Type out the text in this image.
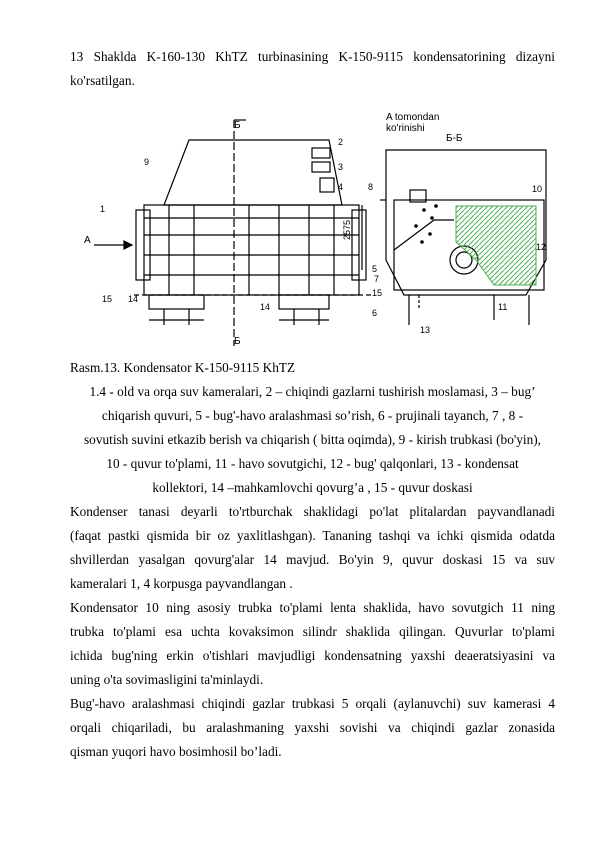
13 Shaklda K-160-130 KhTZ turbinasining K-150-9115 kondensatorining dizayni
ko'rsatilgan.
A tomondan
ko'rinishi
Б-Б
Б
Б
A
2575
1
2
3
4
5
6
7
8
9
10
11
12
13
14
14
15
15
Rasm.13. Kondensator K-150-9115 KhTZ
1.4 - old va orqa suv kameralari, 2 – chiqindi gazlarni tushirish moslamasi, 3 – bug’
chiqarish quvuri, 5 - bug'-havo aralashmasi so’rish, 6 - prujinali tayanch, 7 , 8 -
sovutish suvini etkazib berish va chiqarish ( bitta oqimda), 9 - kirish trubkasi (bo'yin),
10 - quvur to'plami, 11 - havo sovutgichi, 12 - bug' qalqonlari, 13 - kondensat
kollektori, 14 –mahkamlovchi qovurg’a , 15 - quvur doskasi
Kondenser tanasi deyarli to'rtburchak shaklidagi po'lat plitalardan payvandlanadi
(faqat pastki qismida bir oz yaxlitlashgan). Tananing tashqi va ichki qismida odatda
shvillerdan yasalgan qovurg'alar 14 mavjud. Bo'yin 9, quvur doskasi 15 va suv
kameralari 1, 4 korpusga payvandlangan .
Kondensator 10 ning asosiy trubka to'plami lenta shaklida, havo sovutgich 11 ning
trubka to'plami esa uchta kovaksimon silindr shaklida qilingan. Quvurlar to'plami
ichida bug'ning erkin o'tishlari mavjudligi kondensatning yaxshi deaeratsiyasini va
uning o'ta sovimasligini ta'minlaydi.
Bug'-havo aralashmasi chiqindi gazlar trubkasi 5 orqali (aylanuvchi) suv kamerasi 4
orqali chiqariladi, bu aralashmaning yaxshi sovishi va chiqindi gazlar zonasida
qisman yuqori havo bosimhosil bo’ladi.
